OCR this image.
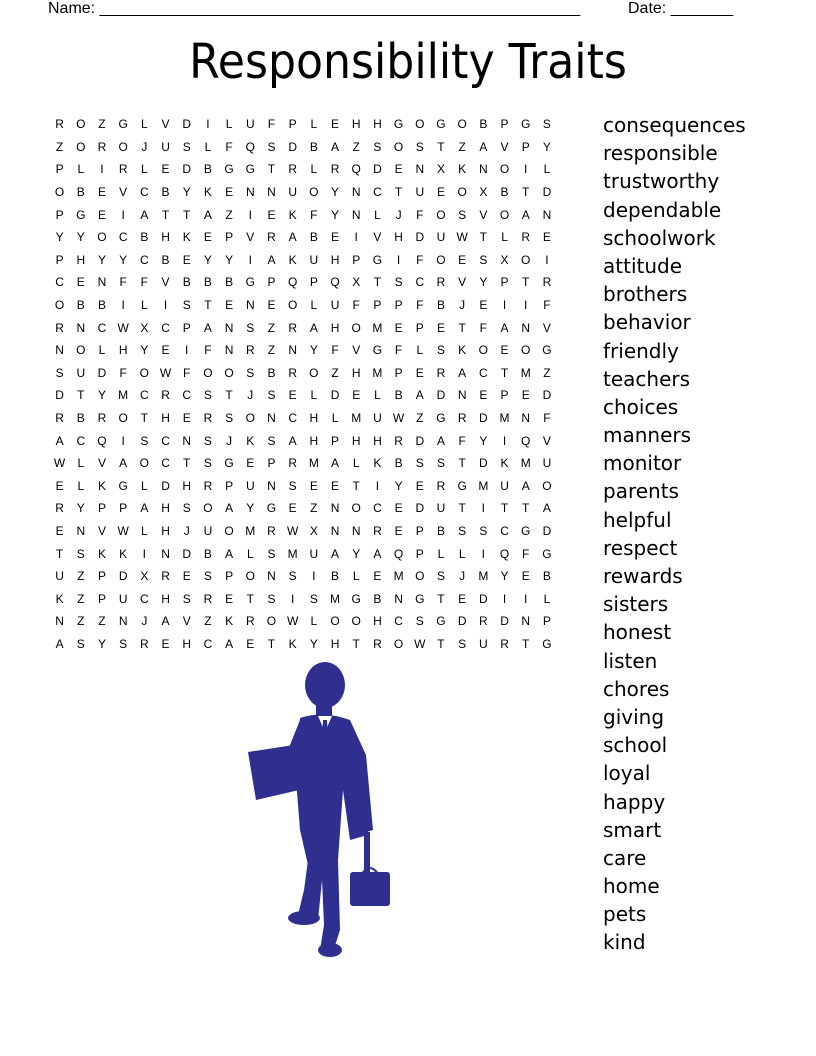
Name: ______________________________________________________	Date: _______
Responsibility Traits
R	O	Z	G	L	V	D	I	L	U	F	P	L	E	H	H	G O G O	B	P	G	S
Z	O	R	O	J	U	S	L	F	Q	S	D	B	A	Z	S	O	S	T	Z	A	V	P	Y
P	L	I	R	L	E	D	B	G G	T	R	L	R	Q	D	E	N	X	K	N	O	I	L
O	B	E	V	C	B	Y	K	E	N	N	U	O	Y	N	C	T	U	E	O	X	B	T	D
P	G	E	I	A	T	T	A	Z	I	E	K	F	Y	N	L	J	F	O	S	V	O	A	N
Y	Y	O	C	B	H	K	E	P	V	R	A	B	E	I	V	H	D	U W T	L	R	E
P	H	Y	Y	C	B	E	Y	Y	I	A	K	U	H	P	G	I	F	O	E	S	X	O	I
C	E	N	F	F	V	B	B	B	G	P	Q	P	Q	X	T	S	C	R	V	Y	P	T	R
O	B	B	I	L	I	S	T	E	N	E	O	L	U	F	P	P	F	B	J	E	I	I	F
R	N	C W X	C	P	A	N	S	Z	R	A	H	O M	E	P	E	T	F	A	N	V
N	O	L	H	Y	E	I	F	N	R	Z	N	Y	F	V	G	F	L	S	K	O	E	O G
S	U	D	F	O W F	O O	S	B	R	O	Z	H M	P	E	R	A	C	T	M	Z
D	T	Y	M C	R	C	S	T	J	S	E	L	D	E	L	B	A	D	N	E	P	E	D
R	B	R	O	T	H	E	R	S	O	N	C	H	L	M U W Z	G	R	D M N	F
A	C	Q	I	S	C	N	S	J	K	S	A	H	P	H	H	R	D	A	F	Y	I	Q	V
W	L	V	A	O	C	T	S	G	E	P	R M	A	L	K	B	S	S	T	D	K	M U
E	L	K	G	L	D	H	R	P	U	N	S	E	E	T	I	Y	E	R	G M U	A	O
R	Y	P	P	A	H	S	O	A	Y	G	E	Z	N	O	C	E	D	U	T	I	T	T	A
E	N	V W	L	H	J	U	O M R W X	N	N	R	E	P	B	S	S	C	G	D
T	S	K	K	I	N	D	B	A	L	S	M U	A	Y	A	Q	P	L	L	I	Q	F	G
U	Z	P	D	X	R	E	S	P	O	N	S	I	B	L	E	M O	S	J	M	Y	E	B
K	Z	P	U	C	H	S	R	E	T	S	I	S	M G	B	N	G	T	E	D	I	I	L
N	Z	Z	N	J	A	V	Z	K	R	O W	L	O O	H	C	S	G	D	R	D	N	P
A	S	Y	S	R	E	H	C	A	E	T	K	Y	H	T	R	O W T	S	U	R	T	G
consequences
responsible
trustworthy
dependable
schoolwork
attitude
brothers
behavior
friendly
teachers
choices
manners
monitor
parents
helpful
respect
rewards
sisters
honest
listen
chores
giving
school
loyal
happy
smart
care
home
pets
kind
